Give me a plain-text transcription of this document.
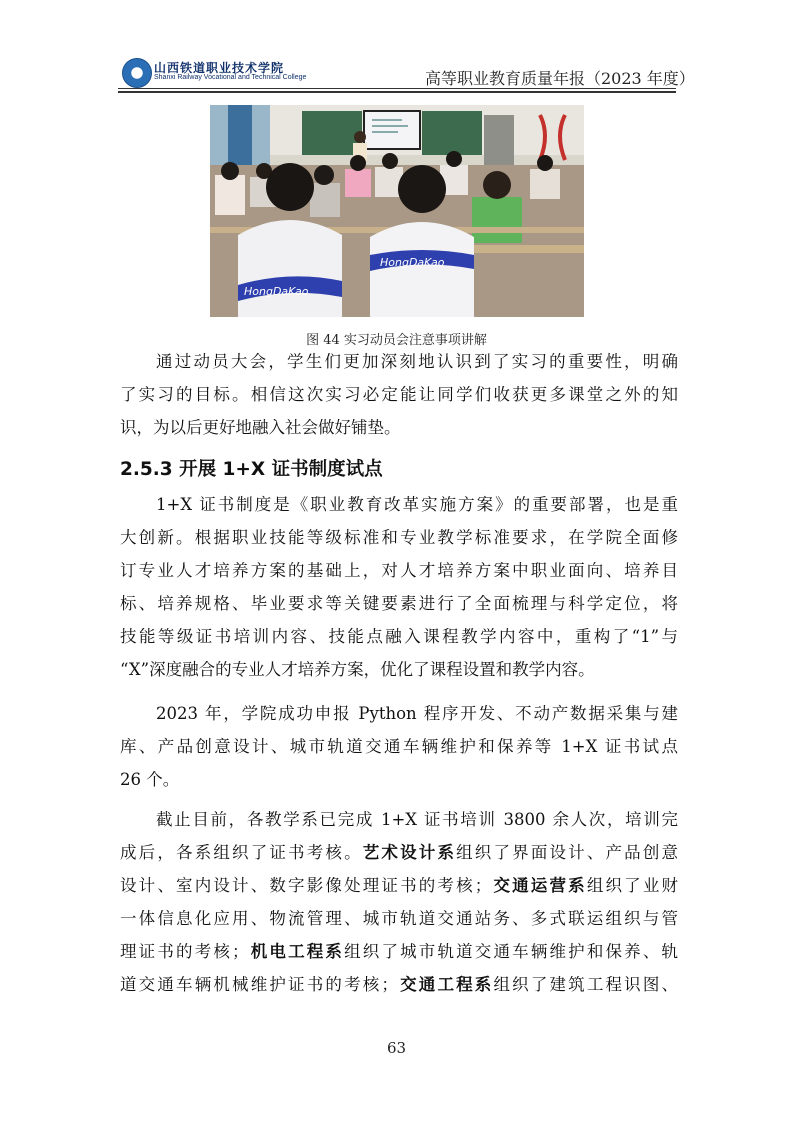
山西铁道职业技术学院
Shanxi Railway Vocational and Technical College	高等职业教育质量年报（2023 年度）
HongDaKao
HongDaKao
图 44 实习动员会注意事项讲解
通过动员大会，学生们更加深刻地认识到了实习的重要性，明确
了实习的目标。相信这次实习必定能让同学们收获更多课堂之外的知
识，为以后更好地融入社会做好铺垫。
2.5.3 开展 1+X 证书制度试点
1+X 证书制度是《职业教育改革实施方案》的重要部署，也是重
大创新。根据职业技能等级标准和专业教学标准要求，在学院全面修
订专业人才培养方案的基础上，对人才培养方案中职业面向、培养目
标、培养规格、毕业要求等关键要素进行了全面梳理与科学定位，将
技能等级证书培训内容、技能点融入课程教学内容中，重构了“1”与
“X”深度融合的专业人才培养方案，优化了课程设置和教学内容。
2023 年，学院成功申报 Python 程序开发、不动产数据采集与建
库、产品创意设计、城市轨道交通车辆维护和保养等 1+X 证书试点
26 个。
截止目前，各教学系已完成 1+X 证书培训 3800 余人次，培训完
成后，各系组织了证书考核。艺术设计系组织了界面设计、产品创意
设计、室内设计、数字影像处理证书的考核；交通运营系组织了业财
一体信息化应用、物流管理、城市轨道交通站务、多式联运组织与管
理证书的考核；机电工程系组织了城市轨道交通车辆维护和保养、轨
道交通车辆机械维护证书的考核；交通工程系组织了建筑工程识图、
63
